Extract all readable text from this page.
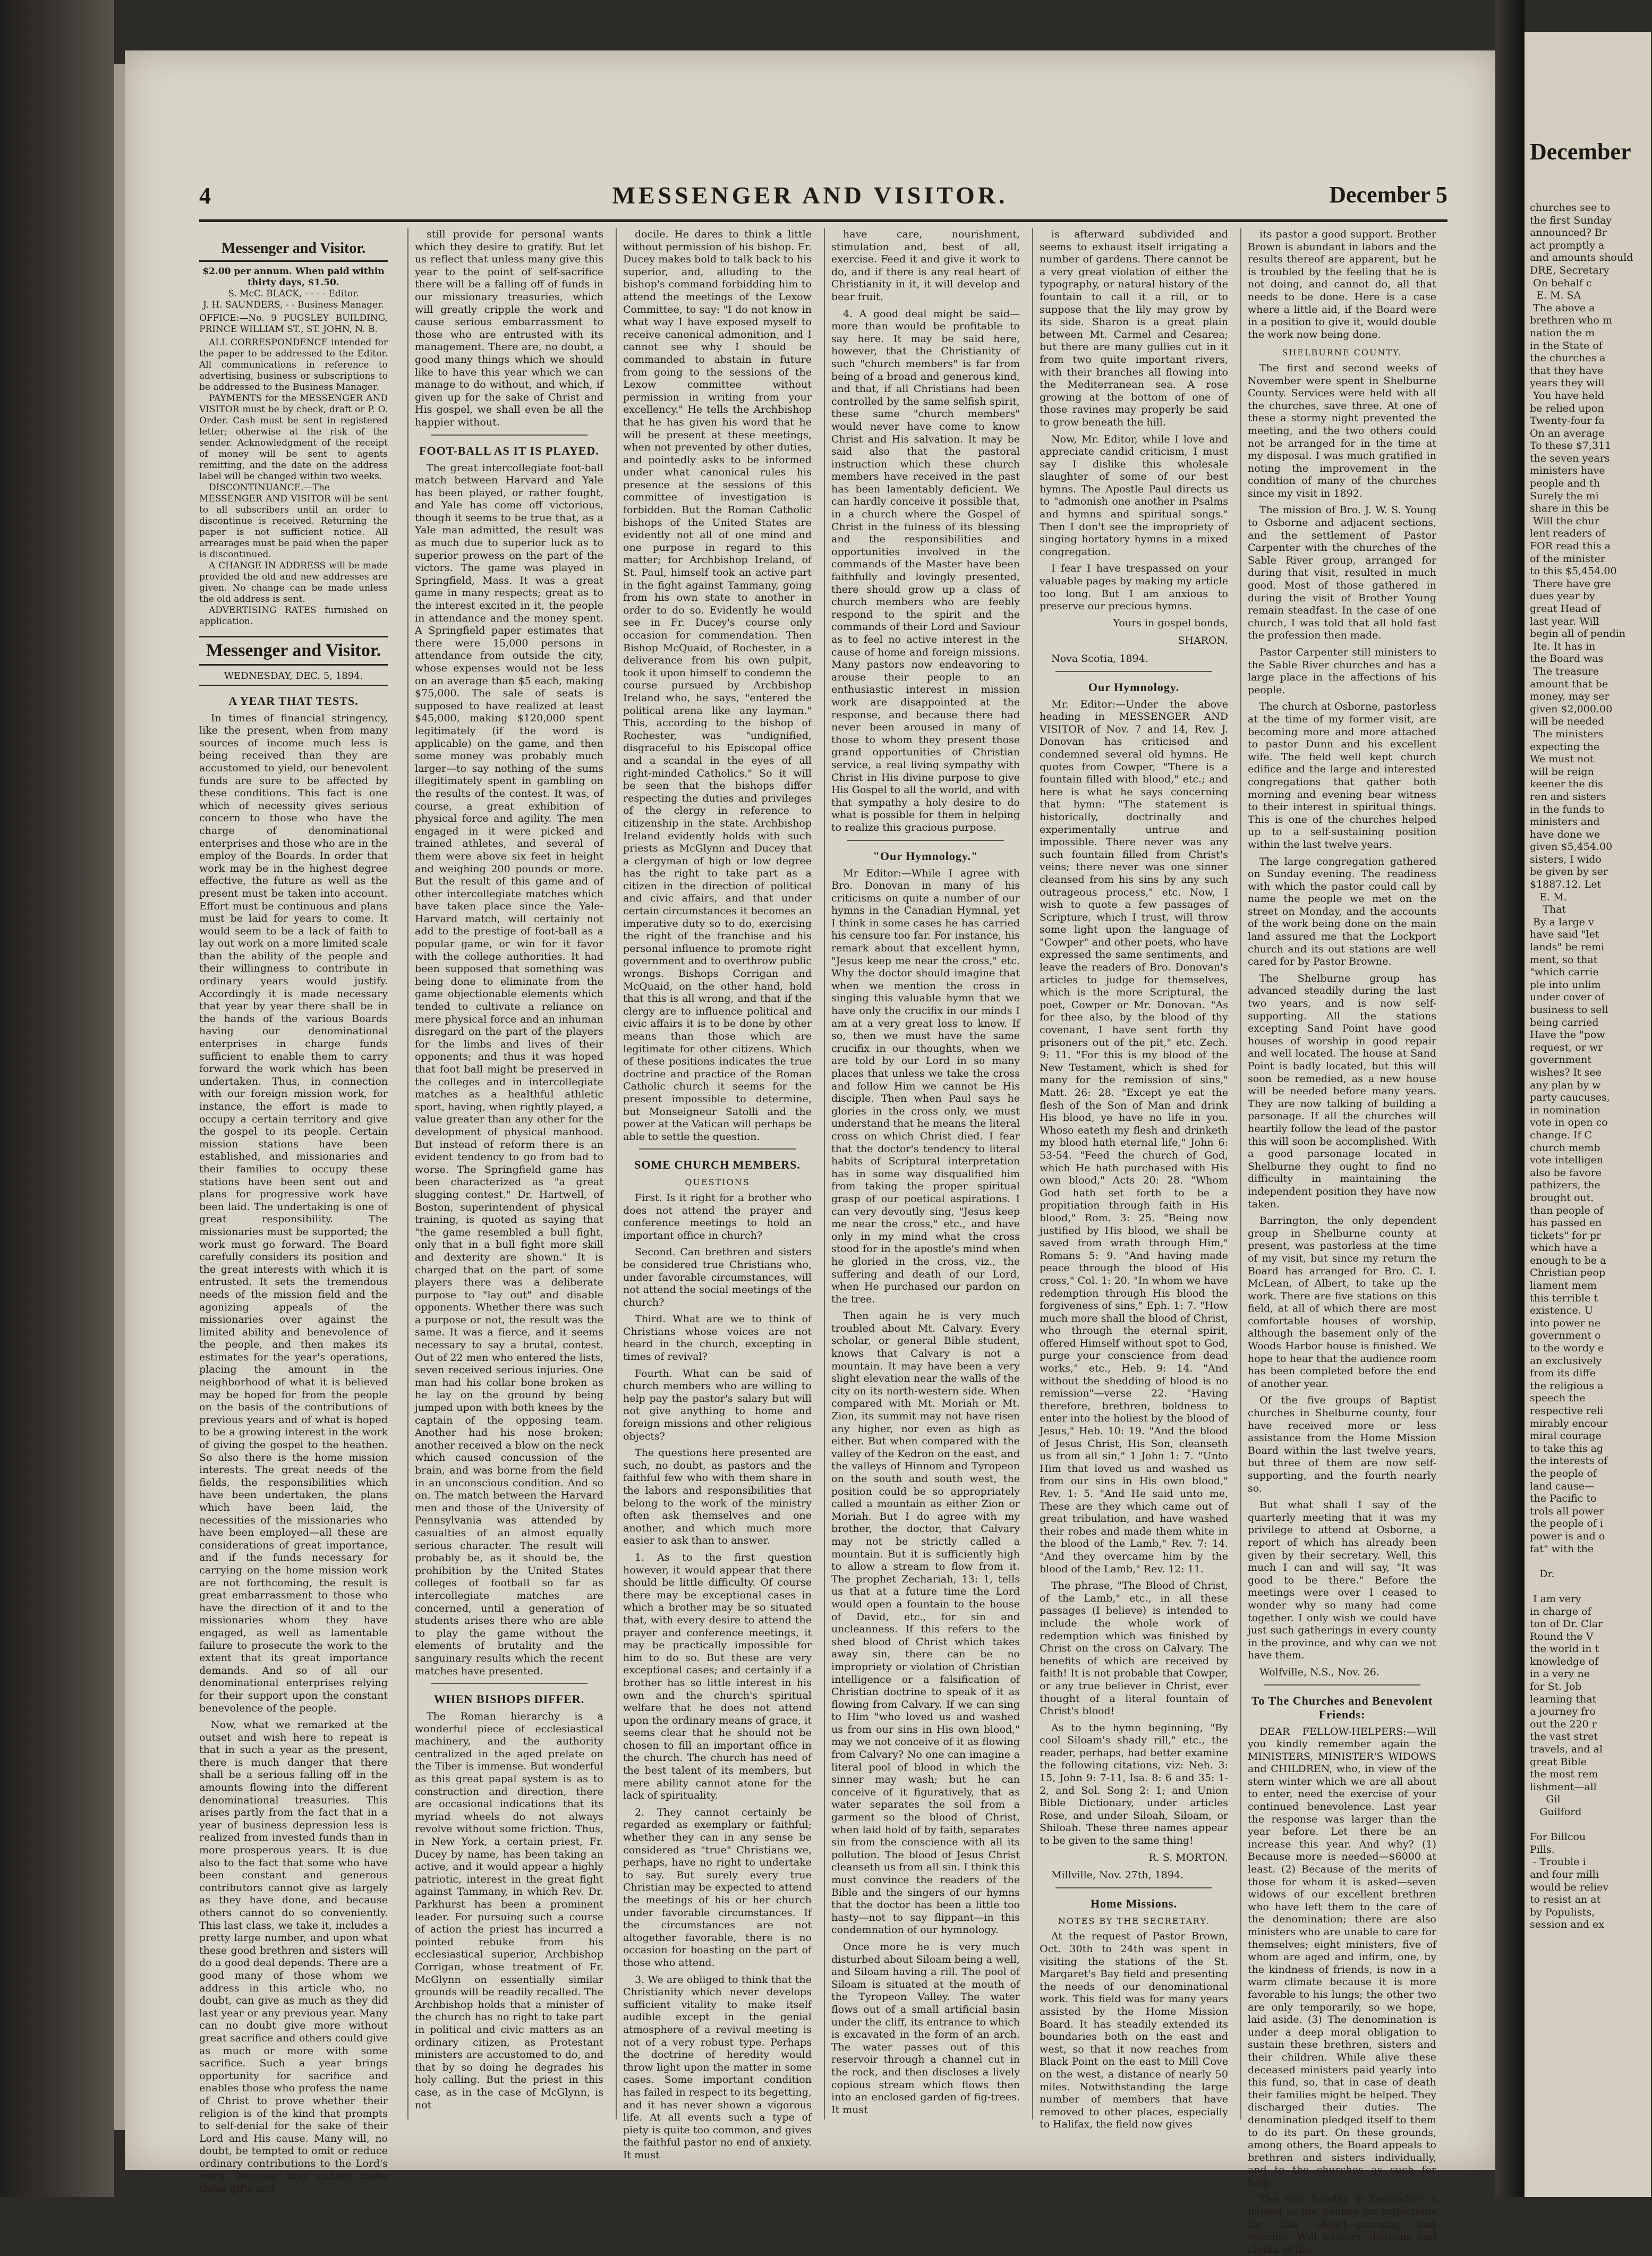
4	MESSENGER AND VISITOR.	December 5
Messenger and Visitor.
$2.00 per annum. When paid within thirty days, $1.50.
S. McC. BLACK, - - - - Editor.
J. H. SAUNDERS, - - Business Manager.
OFFICE:—No. 9 PUGSLEY BUILDING, PRINCE WILLIAM ST., ST. JOHN, N. B.
ALL CORRESPONDENCE intended for the paper to be addressed to the Editor. All communications in reference to advertising, business or subscriptions to be addressed to the Business Manager.
PAYMENTS for the MESSENGER AND VISITOR must be by check, draft or P. O. Order. Cash must be sent in registered letter; otherwise at the risk of the sender. Acknowledgment of the receipt of money will be sent to agents remitting, and the date on the address label will be changed within two weeks.
DISCONTINUANCE.—The MESSENGER AND VISITOR will be sent to all subscribers until an order to discontinue is received. Returning the paper is not sufficient notice. All arrearages must be paid when the paper is discontinued.
A CHANGE IN ADDRESS will be made provided the old and new addresses are given. No change can be made unless the old address is sent.
ADVERTISING RATES furnished on application.
Messenger and Visitor.
WEDNESDAY, DEC. 5, 1894.
A YEAR THAT TESTS.

In times of financial stringency, like the present, when from many sources of income much less is being received than they are accustomed to yield, our benevolent funds are sure to be affected by these conditions. This fact is one which of necessity gives serious concern to those who have the charge of denominational enterprises and those who are in the employ of the Boards. In order that work may be in the highest degree effective, the future as well as the present must be taken into account. Effort must be continuous and plans must be laid for years to come. It would seem to be a lack of faith to lay out work on a more limited scale than the ability of the people and their willingness to contribute in ordinary years would justify. Accordingly it is made necessary that year by year there shall be in the hands of the various Boards having our denominational enterprises in charge funds sufficient to enable them to carry forward the work which has been undertaken. Thus, in connection with our foreign mission work, for instance, the effort is made to occupy a certain territory and give the gospel to its people. Certain mission stations have been established, and missionaries and their families to occupy these stations have been sent out and plans for progressive work have been laid. The undertaking is one of great responsibility. The missionaries must be supported; the work must go forward. The Board carefully considers its position and the great interests with which it is entrusted. It sets the tremendous needs of the mission field and the agonizing appeals of the missionaries over against the limited ability and benevolence of the people, and then makes its estimates for the year's operations, placing the amount in the neighborhood of what it is believed may be hoped for from the people on the basis of the contributions of previous years and of what is hoped to be a growing interest in the work of giving the gospel to the heathen. So also there is the home mission interests. The great needs of the fields, the responsibilities which have been undertaken, the plans which have been laid, the necessities of the missionaries who have been employed—all these are considerations of great importance, and if the funds necessary for carrying on the home mission work are not forthcoming, the result is great embarrassment to those who have the direction of it and to the missionaries whom they have engaged, as well as lamentable failure to prosecute the work to the extent that its great importance demands. And so of all our denominational enterprises relying for their support upon the constant benevolence of the people.

Now, what we remarked at the outset and wish here to repeat is that in such a year as the present, there is much danger that there shall be a serious falling off in the amounts flowing into the different denominational treasuries. This arises partly from the fact that in a year of business depression less is realized from invested funds than in more prosperous years. It is due also to the fact that some who have been constant and generous contributors cannot give as largely as they have done, and because others cannot do so conveniently. This last class, we take it, includes a pretty large number, and upon what these good brethren and sisters will do a good deal depends. There are a good many of those whom we address in this article who, no doubt, can give as much as they did last year or any previous year. Many can no doubt give more without great sacrifice and others could give as much or more with some sacrifice. Such a year brings opportunity for sacrifice and enables those who profess the name of Christ to prove whether their religion is of the kind that prompts to self-denial for the sake of their Lord and His cause. Many will, no doubt, be tempted to omit or reduce ordinary contributions to the Lord's work, because they cannot make these gifts and

still provide for personal wants which they desire to gratify. But let us reflect that unless many give this year to the point of self-sacrifice there will be a falling off of funds in our missionary treasuries, which will greatly cripple the work and cause serious embarrassment to those who are entrusted with its management. There are, no doubt, a good many things which we should like to have this year which we can manage to do without, and which, if given up for the sake of Christ and His gospel, we shall even be all the happier without.

FOOT-BALL AS IT IS PLAYED.

The great intercollegiate foot-ball match between Harvard and Yale has been played, or rather fought, and Yale has come off victorious, though it seems to be true that, as a Yale man admitted, the result was as much due to superior luck as to superior prowess on the part of the victors. The game was played in Springfield, Mass. It was a great game in many respects; great as to the interest excited in it, the people in attendance and the money spent. A Springfield paper estimates that there were 15,000 persons in attendance from outside the city, whose expenses would not be less on an average than $5 each, making $75,000. The sale of seats is supposed to have realized at least $45,000, making $120,000 spent legitimately (if the word is applicable) on the game, and then some money was probably much larger—to say nothing of the sums illegitimately spent in gambling on the results of the contest. It was, of course, a great exhibition of physical force and agility. The men engaged in it were picked and trained athletes, and several of them were above six feet in height and weighing 200 pounds or more. But the result of this game and of other intercollegiate matches which have taken place since the Yale-Harvard match, will certainly not add to the prestige of foot-ball as a popular game, or win for it favor with the college authorities. It had been supposed that something was being done to eliminate from the game objectionable elements which tended to cultivate a reliance on mere physical force and an inhuman disregard on the part of the players for the limbs and lives of their opponents; and thus it was hoped that foot ball might be preserved in the colleges and in intercollegiate matches as a healthful athletic sport, having, when rightly played, a value greater than any other for the development of physical manhood. But instead of reform there is an evident tendency to go from bad to worse. The Springfield game has been characterized as "a great slugging contest." Dr. Hartwell, of Boston, superintendent of physical training, is quoted as saying that "the game resembled a bull fight, only that in a bull fight more skill and dexterity are shown." It is charged that on the part of some players there was a deliberate purpose to "lay out" and disable opponents. Whether there was such a purpose or not, the result was the same. It was a fierce, and it seems necessary to say a brutal, contest. Out of 22 men who entered the lists, seven received serious injuries. One man had his collar bone broken as he lay on the ground by being jumped upon with both knees by the captain of the opposing team. Another had his nose broken; another received a blow on the neck which caused concussion of the brain, and was borne from the field in an unconscious condition. And so on. The match between the Harvard men and those of the University of Pennsylvania was attended by casualties of an almost equally serious character. The result will probably be, as it should be, the prohibition by the United States colleges of football so far as intercollegiate matches are concerned, until a generation of students arises there who are able to play the game without the elements of brutality and the sanguinary results which the recent matches have presented.

WHEN BISHOPS DIFFER.

The Roman hierarchy is a wonderful piece of ecclesiastical machinery, and the authority centralized in the aged prelate on the Tiber is immense. But wonderful as this great papal system is as to construction and direction, there are occasional indications that its myriad wheels do not always revolve without some friction. Thus, in New York, a certain priest, Fr. Ducey by name, has been taking an active, and it would appear a highly patriotic, interest in the great fight against Tammany, in which Rev. Dr. Parkhurst has been a prominent leader. For pursuing such a course of action the priest has incurred a pointed rebuke from his ecclesiastical superior, Archbishop Corrigan, whose treatment of Fr. McGlynn on essentially similar grounds will be readily recalled. The Archbishop holds that a minister of the church has no right to take part in political and civic matters as an ordinary citizen, as Protestant ministers are accustomed to do, and that by so doing he degrades his holy calling. But the priest in this case, as in the case of McGlynn, is not

docile. He dares to think a little without permission of his bishop. Fr. Ducey makes bold to talk back to his superior, and, alluding to the bishop's command forbidding him to attend the meetings of the Lexow Committee, to say: "I do not know in what way I have exposed myself to receive canonical admonition, and I cannot see why I should be commanded to abstain in future from going to the sessions of the Lexow committee without permission in writing from your excellency." He tells the Archbishop that he has given his word that he will be present at these meetings, when not prevented by other duties, and pointedly asks to be informed under what canonical rules his presence at the sessions of this committee of investigation is forbidden. But the Roman Catholic bishops of the United States are evidently not all of one mind and one purpose in regard to this matter; for Archbishop Ireland, of St. Paul, himself took an active part in the fight against Tammany, going from his own state to another in order to do so. Evidently he would see in Fr. Ducey's course only occasion for commendation. Then Bishop McQuaid, of Rochester, in a deliverance from his own pulpit, took it upon himself to condemn the course pursued by Archbishop Ireland who, he says, "entered the political arena like any layman." This, according to the bishop of Rochester, was "undignified, disgraceful to his Episcopal office and a scandal in the eyes of all right-minded Catholics." So it will be seen that the bishops differ respecting the duties and privileges of the clergy in reference to citizenship in the state. Archbishop Ireland evidently holds with such priests as McGlynn and Ducey that a clergyman of high or low degree has the right to take part as a citizen in the direction of political and civic affairs, and that under certain circumstances it becomes an imperative duty so to do, exercising the right of the franchise and his personal influence to promote right government and to overthrow public wrongs. Bishops Corrigan and McQuaid, on the other hand, hold that this is all wrong, and that if the clergy are to influence political and civic affairs it is to be done by other means than those which are legitimate for other citizens. Which of these positions indicates the true doctrine and practice of the Roman Catholic church it seems for the present impossible to determine, but Monseigneur Satolli and the power at the Vatican will perhaps be able to settle the question.

SOME CHURCH MEMBERS.
QUESTIONS

First. Is it right for a brother who does not attend the prayer and conference meetings to hold an important office in church?

Second. Can brethren and sisters be considered true Christians who, under favorable circumstances, will not attend the social meetings of the church?

Third. What are we to think of Christians whose voices are not heard in the church, excepting in times of revival?

Fourth. What can be said of church members who are willing to help pay the pastor's salary but will not give anything to home and foreign missions and other religious objects?

The questions here presented are such, no doubt, as pastors and the faithful few who with them share in the labors and responsibilities that belong to the work of the ministry often ask themselves and one another, and which much more easier to ask than to answer.

1. As to the first question however, it would appear that there should be little difficulty. Of course there may be exceptional cases in which a brother may be so situated that, with every desire to attend the prayer and conference meetings, it may be practically impossible for him to do so. But these are very exceptional cases; and certainly if a brother has so little interest in his own and the church's spiritual welfare that he does not attend upon the ordinary means of grace, it seems clear that he should not be chosen to fill an important office in the church. The church has need of the best talent of its members, but mere ability cannot atone for the lack of spirituality.

2. They cannot certainly be regarded as exemplary or faithful; whether they can in any sense be considered as "true" Christians we, perhaps, have no right to undertake to say. But surely every true Christian may be expected to attend the meetings of his or her church under favorable circumstances. If the circumstances are not altogether favorable, there is no occasion for boasting on the part of those who attend.

3. We are obliged to think that the Christianity which never develops sufficient vitality to make itself audible except in the genial atmosphere of a revival meeting is not of a very robust type. Perhaps the doctrine of heredity would throw light upon the matter in some cases. Some important condition has failed in respect to its begetting, and it has never shown a vigorous life. At all events such a type of piety is quite too common, and gives the faithful pastor no end of anxiety. It must

have care, nourishment, stimulation and, best of all, exercise. Feed it and give it work to do, and if there is any real heart of Christianity in it, it will develop and bear fruit.

4. A good deal might be said—more than would be profitable to say here. It may be said here, however, that the Christianity of such "church members" is far from being of a broad and generous kind, and that, if all Christians had been controlled by the same selfish spirit, these same "church members" would never have come to know Christ and His salvation. It may be said also that the pastoral instruction which these church members have received in the past has been lamentably deficient. We can hardly conceive it possible that, in a church where the Gospel of Christ in the fulness of its blessing and the responsibilities and opportunities involved in the commands of the Master have been faithfully and lovingly presented, there should grow up a class of church members who are feebly respond to the spirit and the commands of their Lord and Saviour as to feel no active interest in the cause of home and foreign missions. Many pastors now endeavoring to arouse their people to an enthusiastic interest in mission work are disappointed at the response, and because there had never been aroused in many of those to whom they present those grand opportunities of Christian service, a real living sympathy with Christ in His divine purpose to give His Gospel to all the world, and with that sympathy a holy desire to do what is possible for them in helping to realize this gracious purpose.

"Our Hymnology."

Mr Editor:—While I agree with Bro. Donovan in many of his criticisms on quite a number of our hymns in the Canadian Hymnal, yet I think in some cases he has carried his censure too far. For instance, his remark about that excellent hymn, "Jesus keep me near the cross," etc. Why the doctor should imagine that when we mention the cross in singing this valuable hymn that we have only the crucifix in our minds I am at a very great loss to know. If so, then we must have the same crucifix in our thoughts, when we are told by our Lord in so many places that unless we take the cross and follow Him we cannot be His disciple. Then when Paul says he glories in the cross only, we must understand that he means the literal cross on which Christ died. I fear that the doctor's tendency to literal habits of Scriptural interpretation has in some way disqualified him from taking the proper spiritual grasp of our poetical aspirations. I can very devoutly sing, "Jesus keep me near the cross," etc., and have only in my mind what the cross stood for in the apostle's mind when he gloried in the cross, viz., the suffering and death of our Lord, when He purchased our pardon on the tree.

Then again he is very much troubled about Mt. Calvary. Every scholar, or general Bible student, knows that Calvary is not a mountain. It may have been a very slight elevation near the walls of the city on its north-western side. When compared with Mt. Moriah or Mt. Zion, its summit may not have risen any higher, nor even as high as either. But when compared with the valley of the Kedron on the east, and the valleys of Hinnom and Tyropeon on the south and south west, the position could be so appropriately called a mountain as either Zion or Moriah. But I do agree with my brother, the doctor, that Calvary may not be strictly called a mountain. But it is sufficiently high to allow a stream to flow from it. The prophet Zechariah, 13: 1, tells us that at a future time the Lord would open a fountain to the house of David, etc., for sin and uncleanness. If this refers to the shed blood of Christ which takes away sin, there can be no impropriety or violation of Christian intelligence or a falsification of Christian doctrine to speak of it as flowing from Calvary. If we can sing to Him "who loved us and washed us from our sins in His own blood," may we not conceive of it as flowing from Calvary? No one can imagine a literal pool of blood in which the sinner may wash; but he can conceive of it figuratively, that as water separates the soil from a garment so the blood of Christ, when laid hold of by faith, separates sin from the conscience with all its pollution. The blood of Jesus Christ cleanseth us from all sin. I think this must convince the readers of the Bible and the singers of our hymns that the doctor has been a little too hasty—not to say flippant—in this condemnation of our hymnology.

Once more he is very much disturbed about Siloam being a well, and Siloam having a rill. The pool of Siloam is situated at the mouth of the Tyropeon Valley. The water flows out of a small artificial basin under the cliff, its entrance to which is excavated in the form of an arch. The water passes out of this reservoir through a channel cut in the rock, and then discloses a lively copious stream which flows then into an enclosed garden of fig-trees. It must

is afterward subdivided and seems to exhaust itself irrigating a number of gardens. There cannot be a very great violation of either the typography, or natural history of the fountain to call it a rill, or to suppose that the lily may grow by its side. Sharon is a great plain between Mt. Carmel and Cesarea; but there are many gullies cut in it from two quite important rivers, with their branches all flowing into the Mediterranean sea. A rose growing at the bottom of one of those ravines may properly be said to grow beneath the hill.

Now, Mr. Editor, while I love and appreciate candid criticism, I must say I dislike this wholesale slaughter of some of our best hymns. The Apostle Paul directs us to "admonish one another in Psalms and hymns and spiritual songs." Then I don't see the impropriety of singing hortatory hymns in a mixed congregation.

I fear I have trespassed on your valuable pages by making my article too long. But I am anxious to preserve our precious hymns.

Yours in gospel bonds,
SHARON.
Nova Scotia, 1894.
Our Hymnology.

Mr. Editor:—Under the above heading in MESSENGER AND VISITOR of Nov. 7 and 14, Rev. J. Donovan has criticised and condemned several old hymns. He quotes from Cowper, "There is a fountain filled with blood," etc.; and here is what he says concerning that hymn: "The statement is historically, doctrinally and experimentally untrue and impossible. There never was any such fountain filled from Christ's veins; there never was one sinner cleansed from his sins by any such outrageous process," etc. Now, I wish to quote a few passages of Scripture, which I trust, will throw some light upon the language of "Cowper" and other poets, who have expressed the same sentiments, and leave the readers of Bro. Donovan's articles to judge for themselves, which is the more Scriptural, the poet, Cowper or Mr. Donovan. "As for thee also, by the blood of thy covenant, I have sent forth thy prisoners out of the pit," etc. Zech. 9: 11. "For this is my blood of the New Testament, which is shed for many for the remission of sins," Matt. 26: 28. "Except ye eat the flesh of the Son of Man and drink His blood, ye have no life in you. Whoso eateth my flesh and drinketh my blood hath eternal life," John 6: 53-54. "Feed the church of God, which He hath purchased with His own blood," Acts 20: 28. "Whom God hath set forth to be a propitiation through faith in His blood," Rom. 3: 25. "Being now justified by His blood, we shall be saved from wrath through Him," Romans 5: 9. "And having made peace through the blood of His cross," Col. 1: 20. "In whom we have redemption through His blood the forgiveness of sins," Eph. 1: 7. "How much more shall the blood of Christ, who through the eternal spirit, offered Himself without spot to God, purge your conscience from dead works," etc., Heb. 9: 14. "And without the shedding of blood is no remission"—verse 22. "Having therefore, brethren, boldness to enter into the holiest by the blood of Jesus," Heb. 10: 19. "And the blood of Jesus Christ, His Son, cleanseth us from all sin," 1 John 1: 7. "Unto Him that loved us and washed us from our sins in His own blood," Rev. 1: 5. "And He said unto me, These are they which came out of great tribulation, and have washed their robes and made them white in the blood of the Lamb," Rev. 7: 14. "And they overcame him by the blood of the Lamb," Rev. 12: 11.

The phrase, "The Blood of Christ, of the Lamb," etc., in all these passages (I believe) is intended to include the whole work of redemption which was finished by Christ on the cross on Calvary. The benefits of which are received by faith! It is not probable that Cowper, or any true believer in Christ, ever thought of a literal fountain of Christ's blood!

As to the hymn beginning, "By cool Siloam's shady rill," etc., the reader, perhaps, had better examine the following citations, viz: Neh. 3: 15, John 9: 7-11, Isa. 8: 6 and 35: 1-2, and Sol. Song 2: 1; and Union Bible Dictionary, under articles Rose, and under Siloah, Siloam, or Shiloah. These three names appear to be given to the same thing!

R. S. MORTON.
Millville, Nov. 27th, 1894.
Home Missions.
NOTES BY THE SECRETARY.

At the request of Pastor Brown, Oct. 30th to 24th was spent in visiting the stations of the St. Margaret's Bay field and presenting the needs of our denominational work. This field was for many years assisted by the Home Mission Board. It has steadily extended its boundaries both on the east and west, so that it now reaches from Black Point on the east to Mill Cove on the west, a distance of nearly 50 miles. Notwithstanding the large number of members that have removed to other places, especially to Halifax, the field now gives

its pastor a good support. Brother Brown is abundant in labors and the results thereof are apparent, but he is troubled by the feeling that he is not doing, and cannot do, all that needs to be done. Here is a case where a little aid, if the Board were in a position to give it, would double the work now being done.

SHELBURNE COUNTY.

The first and second weeks of November were spent in Shelburne County. Services were held with all the churches, save three. At one of these a stormy night prevented the meeting, and the two others could not be arranged for in the time at my disposal. I was much gratified in noting the improvement in the condition of many of the churches since my visit in 1892.

The mission of Bro. J. W. S. Young to Osborne and adjacent sections, and the settlement of Pastor Carpenter with the churches of the Sable River group, arranged for during that visit, resulted in much good. Most of those gathered in during the visit of Brother Young remain steadfast. In the case of one church, I was told that all hold fast the profession then made.

Pastor Carpenter still ministers to the Sable River churches and has a large place in the affections of his people.

The church at Osborne, pastorless at the time of my former visit, are becoming more and more attached to pastor Dunn and his excellent wife. The field well kept church edifice and the large and interested congregations that gather both morning and evening bear witness to their interest in spiritual things. This is one of the churches helped up to a self-sustaining position within the last twelve years.

The large congregation gathered on Sunday evening. The readiness with which the pastor could call by name the people we met on the street on Monday, and the accounts of the work being done on the main land assured me that the Lockport church and its out stations are well cared for by Pastor Browne.

The Shelburne group has advanced steadily during the last two years, and is now self-supporting. All the stations excepting Sand Point have good houses of worship in good repair and well located. The house at Sand Point is badly located, but this will soon be remedied, as a new house will be needed before many years. They are now talking of building a parsonage. If all the churches will heartily follow the lead of the pastor this will soon be accomplished. With a good parsonage located in Shelburne they ought to find no difficulty in maintaining the independent position they have now taken.

Barrington, the only dependent group in Shelburne county at present, was pastorless at the time of my visit, but since my return the Board has arranged for Bro. C. I. McLean, of Albert, to take up the work. There are five stations on this field, at all of which there are most comfortable houses of worship, although the basement only of the Woods Harbor house is finished. We hope to hear that the audience room has been completed before the end of another year.

Of the five groups of Baptist churches in Shelburne county, four have received more or less assistance from the Home Mission Board within the last twelve years, but three of them are now self-supporting, and the fourth nearly so.

But what shall I say of the quarterly meeting that it was my privilege to attend at Osborne, a report of which has already been given by their secretary. Well, this much I can and will say, "It was good to be there." Before the meetings were over I ceased to wonder why so many had come together. I only wish we could have just such gatherings in every county in the province, and why can we not have them.

Wolfville, N.S., Nov. 26.
To The Churches and Benevolent Friends:

DEAR FELLOW-HELPERS:—Will you kindly remember again the MINISTERS, MINISTER'S WIDOWS and CHILDREN, who, in view of the stern winter which we are all about to enter, need the exercise of your continued benevolence. Last year the response was larger than the year before. Let there be an increase this year. And why? (1) Because more is needed—$6000 at least. (2) Because of the merits of those for whom it is asked—seven widows of our excellent brethren who have left them to the care of the denomination; there are also ministers who are unable to care for themselves; eight ministers, five of whom are aged and infirm, one, by the kindness of friends, is now in a warm climate because it is more favorable to his lungs; the other two are only temporarily, so we hope, laid aside. (3) The denomination is under a deep moral obligation to sustain these brethren, sisters and their children. While alive these deceased ministers paid yearly into this fund, so, that in case of death their families might be helped. They discharged their duties. The denomination pledged itself to them to do its part. On these grounds, among others, the Board appeals to brethren and sisters individually, and to the churches as such for help.

The first Sunday in December is named as the Sunday for collections for this object—morning and evening. Will pastors, deacons and clerks of the

December
churches see to
the first Sunday
announced? Br
act promptly a
and amounts should
DRE, Secretary
On behalf c
E. M. SA
The above a
brethren who m
nation the m
in the State of
the churches a
that they have
years they will
You have held
be relied upon
Twenty-four fa
On an average
To these $7,311
the seven years
ministers have
people and th
Surely the mi
share in this be
Will the chur
lent readers of
FOR read this a
of the minister
to this $5,454.00
There have gre
dues year by
great Head of
last year. Will
begin all of pendin
Ite. It has in
the Board was
The treasure
amount that be
money, may ser
given $2,000.00
will be needed
The ministers
expecting the
We must not
will be reign
keener the dis
ren and sisters
in the funds to
ministers and
have done we
given $5,454.00
sisters, I wido
be given by ser
$1887.12. Let
E. M.
That
By a large v
have said "let
lands" be remi
ment, so that
"which carrie
ple into unlim
under cover of
business to sell
being carried
Have the "pow
request, or wr
government
wishes? It see
any plan by w
party caucuses,
in nomination
vote in open co
change. If C
church memb
vote intelligen
also be favore
pathizers, the
brought out.
than people of
has passed en
tickets" for pr
which have a
enough to be a
Christian peop
liament mem
this terrible t
existence. U
into power ne
government o
to the wordy e
an exclusively
from its diffe
the religious a
speech the
respective reli
mirably encour
miral courage
to take this ag
the interests of
the people of
land cause—
the Pacific to
trols all power
the people of i
power is and o
fat" with the

Dr.

I am very
in charge of
ton of Dr. Clar
Round the V
the world in t
knowledge of
in a very ne
for St. Job
learning that
a journey fro
out the 220 r
the vast stret
travels, and al
great Bible
the most rem
lishment—all
Gil
Guilford

For Billcou
Pills.
- Trouble i
and four milli
would be reliev
to resist an at
by Populists,
session and ex
